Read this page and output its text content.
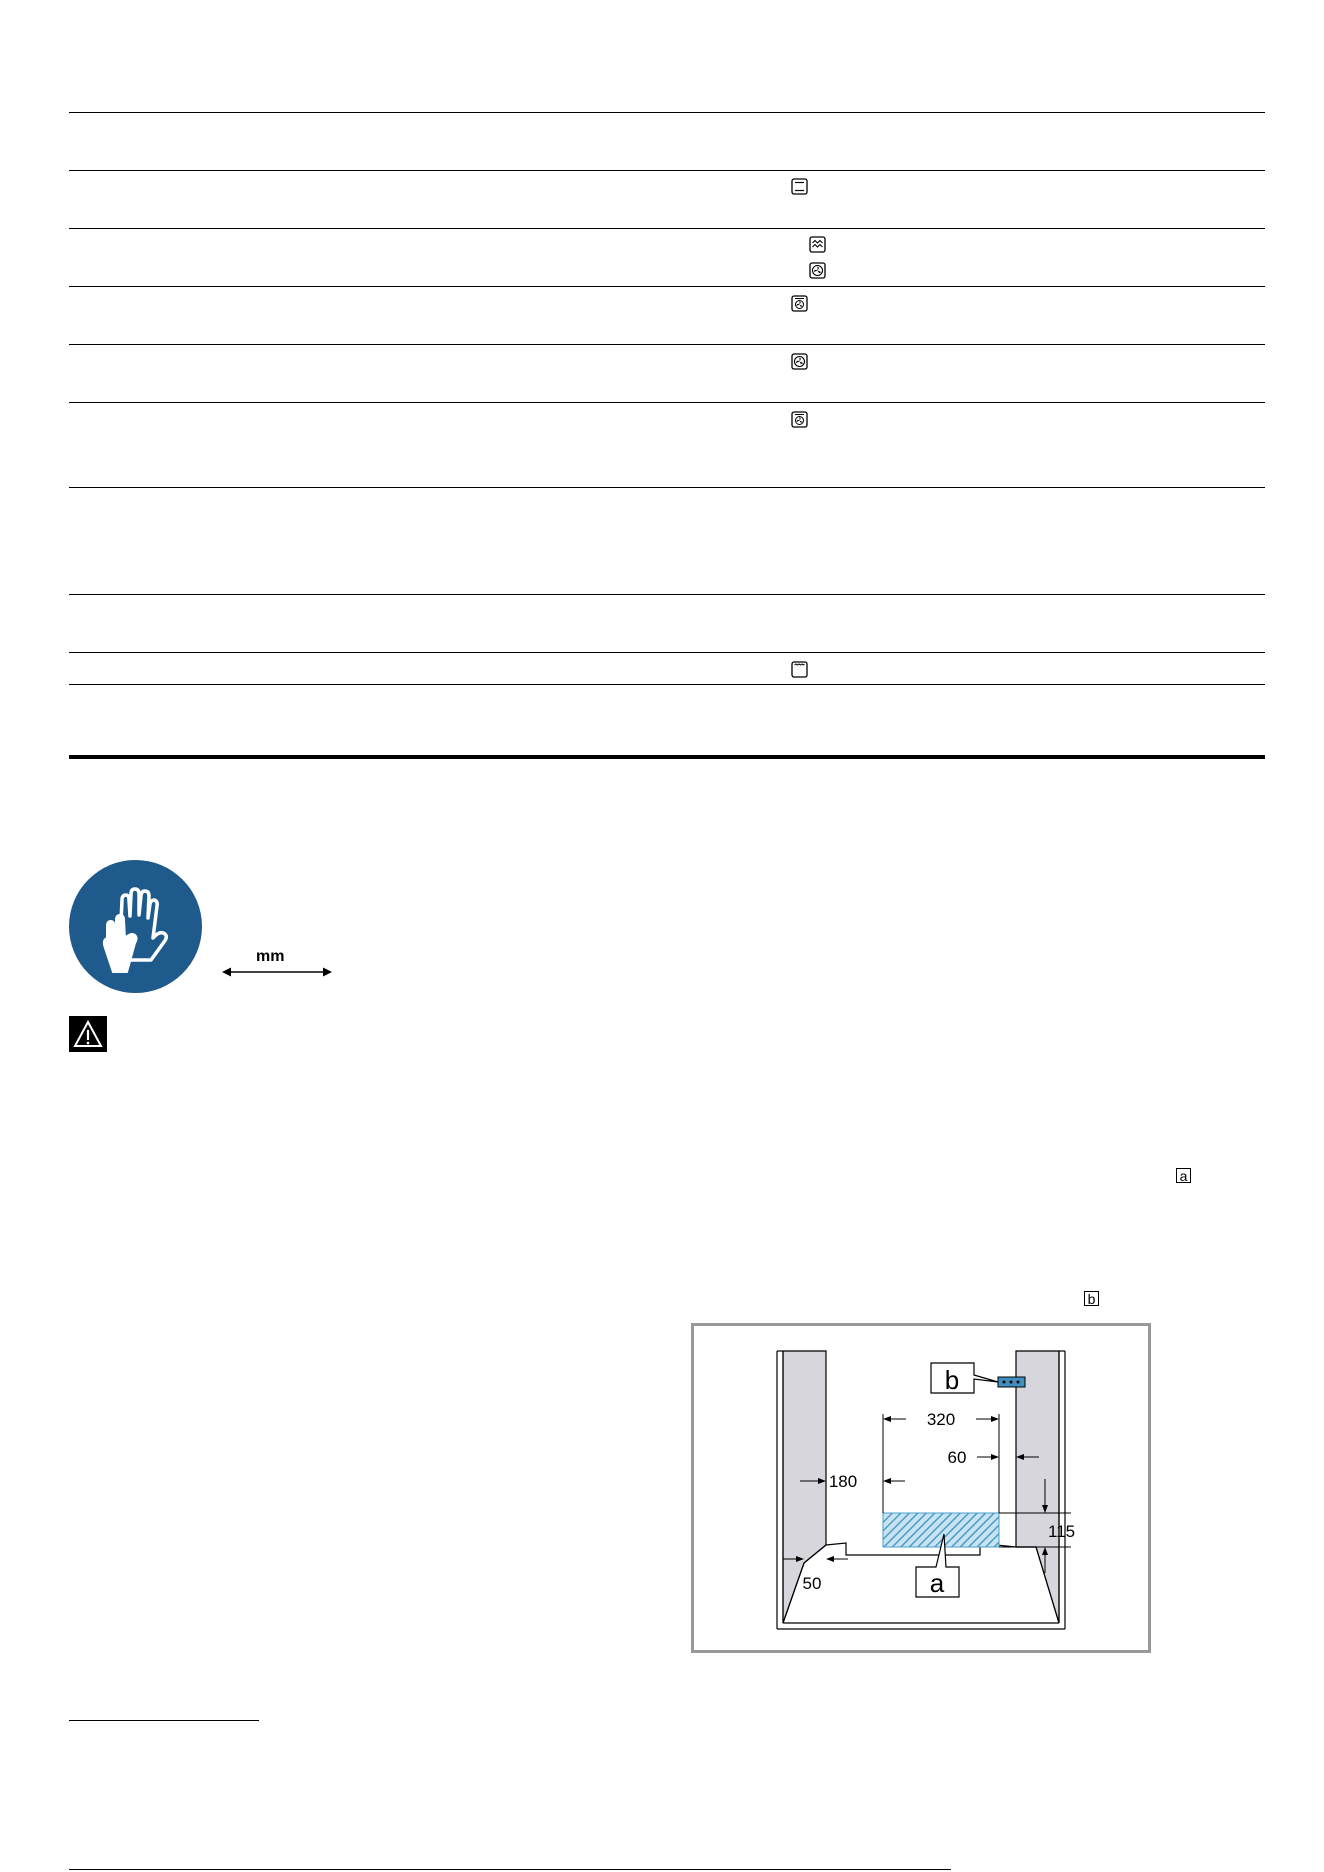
mm
a
b
b
a
320
60
180
115
50
